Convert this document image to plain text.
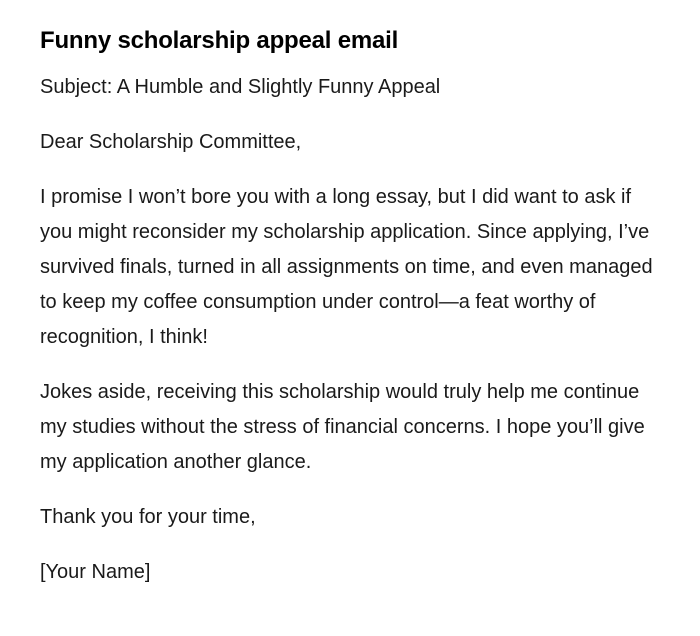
Funny scholarship appeal email

Subject: A Humble and Slightly Funny Appeal

Dear Scholarship Committee,

I promise I won’t bore you with a long essay, but I did want to ask if you might reconsider my scholarship application. Since applying, I’ve survived finals, turned in all assignments on time, and even managed to keep my coffee consumption under control—a feat worthy of recognition, I think!

Jokes aside, receiving this scholarship would truly help me continue my studies without the stress of financial concerns. I hope you’ll give my application another glance.

Thank you for your time,

[Your Name]
